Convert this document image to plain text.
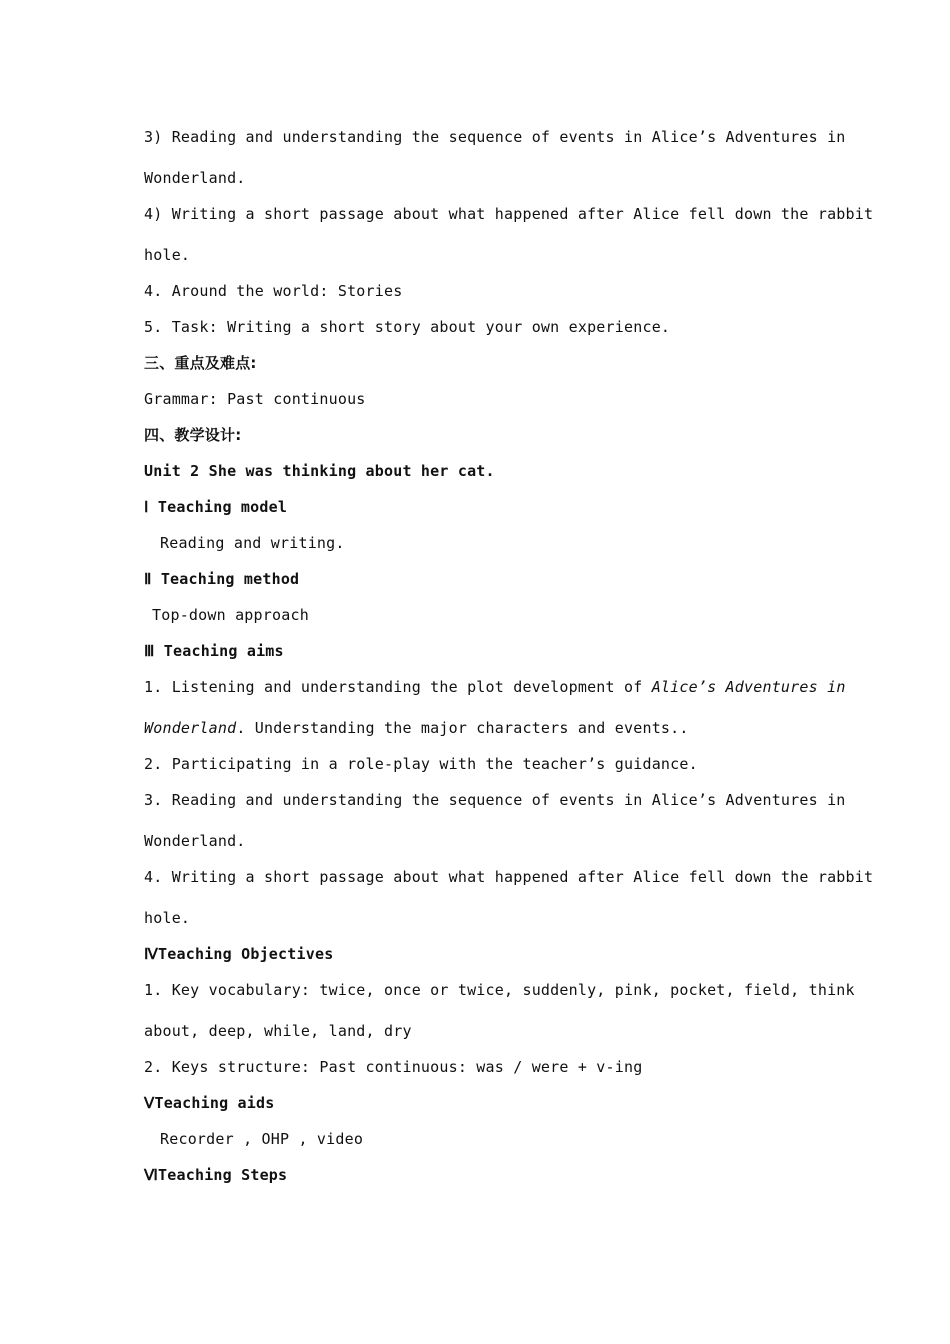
3) Reading and understanding the sequence of events in Alice’s Adventures in
Wonderland.
4) Writing a short passage about what happened after Alice fell down the rabbit
hole.
4. Around the world: Stories
5. Task: Writing a short story about your own experience.
三、重点及难点:
Grammar: Past continuous
四、教学设计:
Unit 2 She was thinking about her cat.
Ⅰ Teaching model
Reading and writing.
Ⅱ Teaching method
Top-down approach
Ⅲ Teaching aims
1. Listening and understanding the plot development of Alice’s Adventures in
Wonderland. Understanding the major characters and events..
2. Participating in a role-play with the teacher’s guidance.
3. Reading and understanding the sequence of events in Alice’s Adventures in
Wonderland.
4. Writing a short passage about what happened after Alice fell down the rabbit
hole.
ⅣTeaching Objectives
1. Key vocabulary: twice, once or twice, suddenly, pink, pocket, field, think
about, deep, while, land, dry
2. Keys structure: Past continuous: was / were + v-ing
ⅤTeaching aids
Recorder , OHP , video
ⅥTeaching Steps
